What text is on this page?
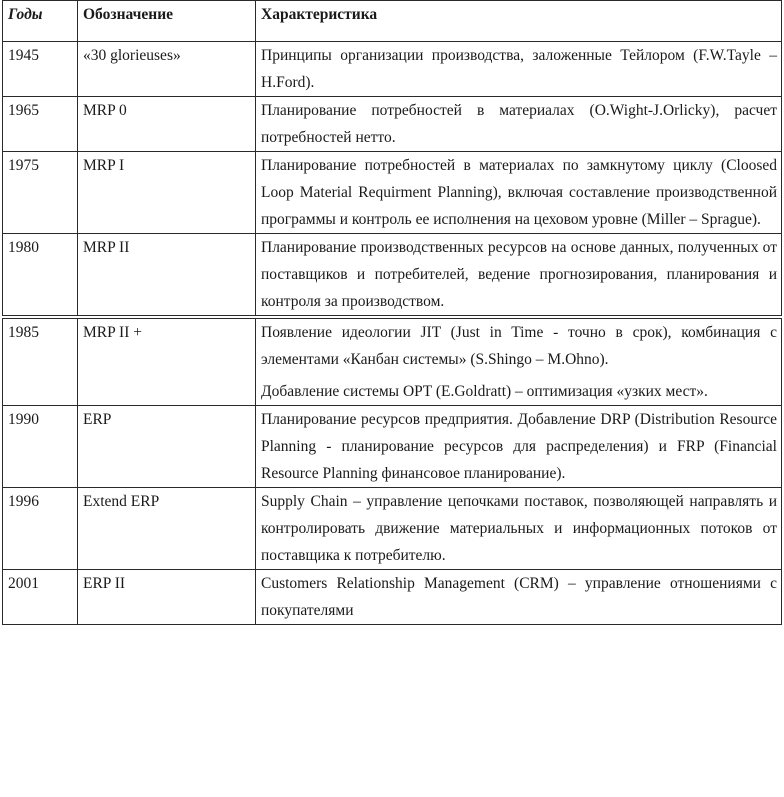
Годы	Обозначение	Характеристика
1945	«30 glorieuses»	Принципы организации производства, заложенные Тейлором (F.W.Tayle – H.Ford).

1965	MRP 0	Планирование потребностей в материалах (O.Wight-J.Orlicky), расчет потребностей нетто.

1975	MRP I	Планирование потребностей в материалах по замкнутому циклу (Cloosed Loop Material Requirment Planning), включая составление производственной программы и контроль ее исполнения на цеховом уровне (Miller – Sprague).

1980	MRP II	Планирование производственных ресурсов на основе данных, полученных от поставщиков и потребителей, ведение прогнозирования, планирования и контроля за производством.

1985	MRP II +	Появление идеологии JIT (Just in Time - точно в срок), комбинация с элементами «Канбан системы» (S.Shingo – M.Ohno).

Добавление системы OPT (E.Goldratt) – оптимизация «узких мест».

1990	ERP	Планирование ресурсов предприятия. Добавление DRP (Distribution Resource Planning - планирование ресурсов для распределения) и FRP (Financial Resource Planning финансовое планирование).

1996	Extend ERP	Supply Chain – управление цепочками поставок, позволяющей направлять и контролировать движение материальных и информационных потоков от поставщика к потребителю.

2001	ERP II	Customers Relationship Management (CRM) – управление отношениями с покупателями
